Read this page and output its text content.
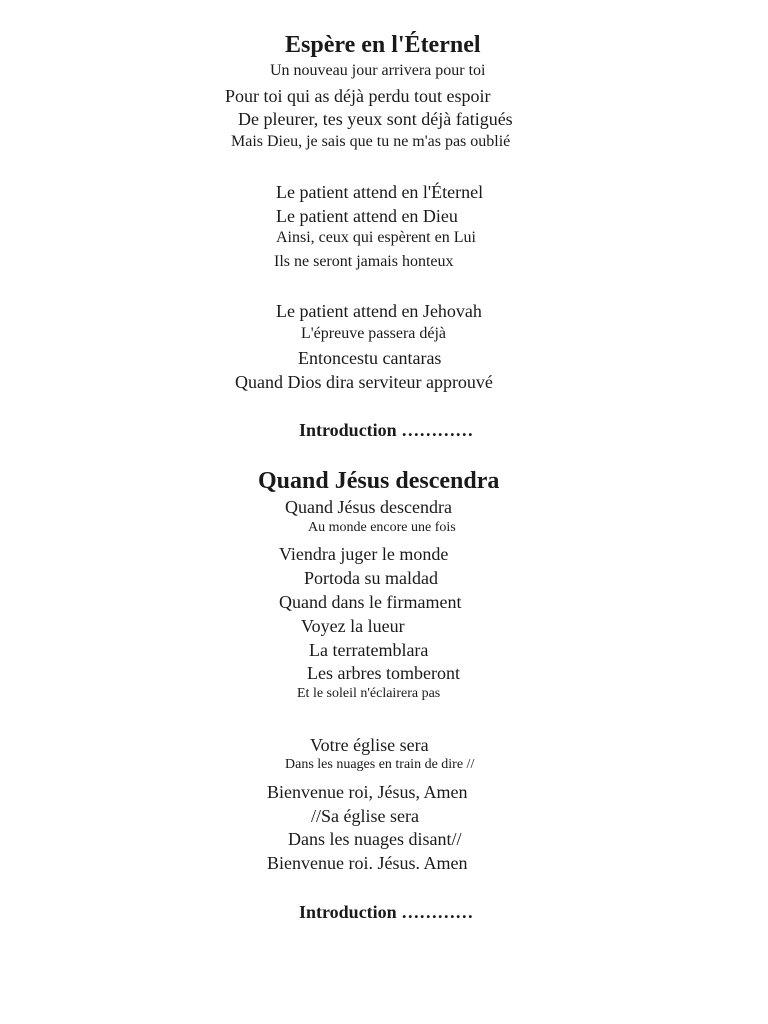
Espère en l'Éternel
Un nouveau jour arrivera pour toi
Pour toi qui as déjà perdu tout espoir
De pleurer, tes yeux sont déjà fatigués
Mais Dieu, je sais que tu ne m'as pas oublié
Le patient attend en l'Éternel
Le patient attend en Dieu
Ainsi, ceux qui espèrent en Lui
Ils ne seront jamais honteux
Le patient attend en Jehovah
L'épreuve passera déjà
Entoncestu cantaras
Quand Dios dira serviteur approuvé
Introduction …………
Quand Jésus descendra
Quand Jésus descendra
Au monde encore une fois
Viendra juger le monde
Portoda su maldad
Quand dans le firmament
Voyez la lueur
La terratemblara
Les arbres tomberont
Et le soleil n'éclairera pas
Votre église sera
Dans les nuages en train de dire //
Bienvenue roi, Jésus, Amen
//Sa église sera
Dans les nuages disant//
Bienvenue roi. Jésus. Amen
Introduction …………
